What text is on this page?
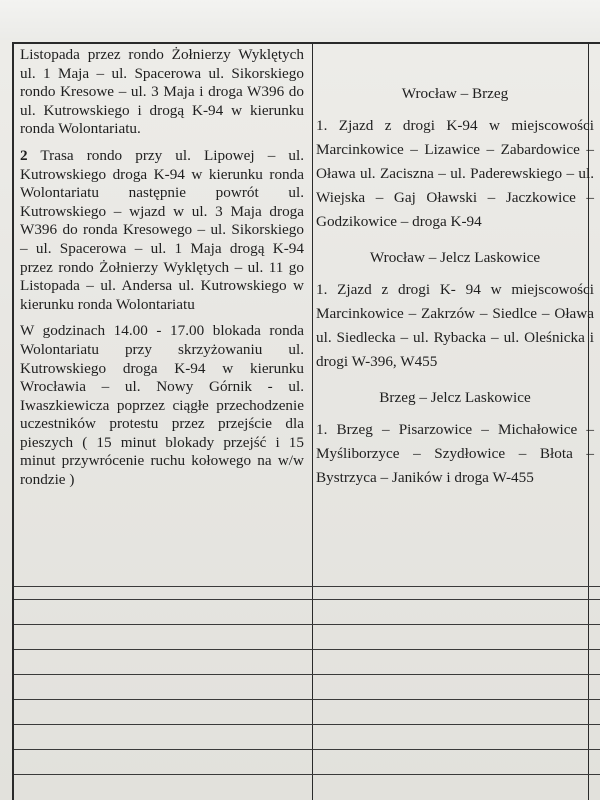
Listopada przez rondo Żołnierzy Wyklętych ul. 1 Maja – ul. Spacerowa ul. Sikorskiego rondo Kresowe – ul. 3 Maja i droga W396 do ul. Kutrowskiego i drogą K-94 w kierunku ronda Wolontariatu.

2 Trasa rondo przy ul. Lipowej – ul. Kutrowskiego droga K-94 w kierunku ronda Wolontariatu następnie powrót ul. Kutrowskiego – wjazd w ul. 3 Maja droga W396 do ronda Kresowego – ul. Sikorskiego – ul. Spacerowa – ul. 1 Maja drogą K-94 przez rondo Żołnierzy Wyklętych – ul. 11 go Listopada – ul. Andersa ul. Kutrowskiego w kierunku ronda Wolontariatu

W godzinach 14.00 - 17.00 blokada ronda Wolontariatu przy skrzyżowaniu ul. Kutrowskiego droga K-94 w kierunku Wrocławia – ul. Nowy Górnik - ul. Iwaszkiewicza poprzez ciągłe przechodzenie uczestników protestu przez przejście dla pieszych ( 15 minut blokady przejść i 15 minut przywrócenie ruchu kołowego na w/w rondzie )

Wrocław – Brzeg
1. Zjazd z drogi K-94 w miejscowości Marcinkowice – Lizawice – Zabardowice – Oława ul. Zaciszna – ul. Paderewskiego – ul. Wiejska – Gaj Oławski – Jaczkowice – Godzikowice – droga K-94
Wrocław – Jelcz Laskowice
1. Zjazd z drogi K- 94 w miejscowości Marcinkowice – Zakrzów – Siedlce – Oława ul. Siedlecka – ul. Rybacka – ul. Oleśnicka i drogi W-396, W455
Brzeg – Jelcz Laskowice
1. Brzeg – Pisarzowice – Michałowice – Myśliborzyce – Szydłowice – Błota – Bystrzyca – Janików i droga W-455
